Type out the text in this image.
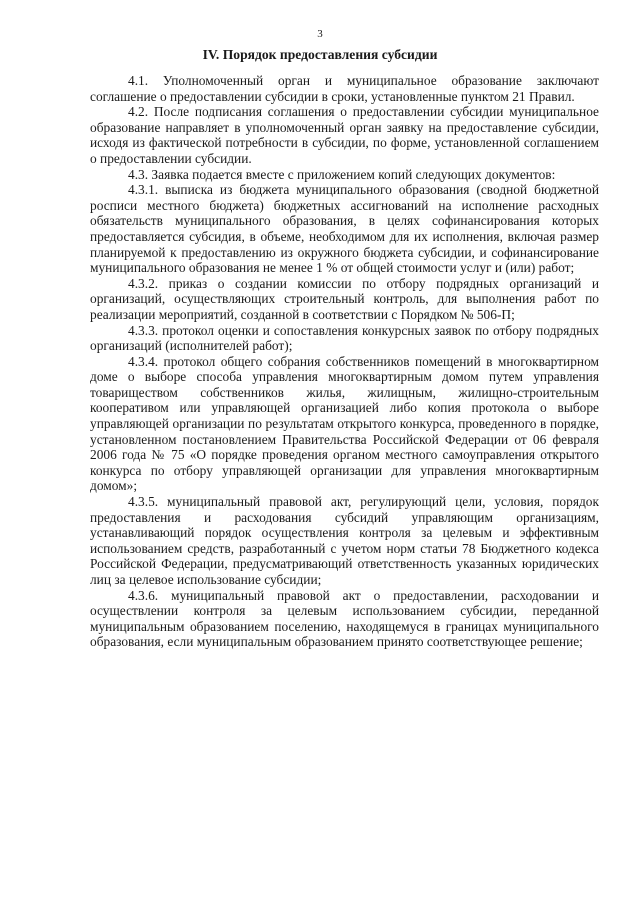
3
IV. Порядок предоставления субсидии

4.1. Уполномоченный орган и муниципальное образование заключают соглашение о предоставлении субсидии в сроки, установленные пунктом 21 Правил.

4.2. После подписания соглашения о предоставлении субсидии муниципальное образование направляет в уполномоченный орган заявку на предоставление субсидии, исходя из фактической потребности в субсидии, по форме, установленной соглашением о предоставлении субсидии.

4.3. Заявка подается вместе с приложением копий следующих документов:

4.3.1. выписка из бюджета муниципального образования (сводной бюджетной росписи местного бюджета) бюджетных ассигнований на исполнение расходных обязательств муниципального образования, в целях софинансирования которых предоставляется субсидия, в объеме, необходимом для их исполнения, включая размер планируемой к предоставлению из окружного бюджета субсидии, и софинансирование муниципального образования не менее 1 % от общей стоимости услуг и (или) работ;

4.3.2. приказ о создании комиссии по отбору подрядных организаций и организаций, осуществляющих строительный контроль, для выполнения работ по реализации мероприятий, созданной в соответствии с Порядком № 506-П;

4.3.3. протокол оценки и сопоставления конкурсных заявок по отбору подрядных организаций (исполнителей работ);

4.3.4. протокол общего собрания собственников помещений в многоквартирном доме о выборе способа управления многоквартирным домом путем управления товариществом собственников жилья, жилищным, жилищно-строительным кооперативом или управляющей организацией либо копия протокола о выборе управляющей организации по результатам открытого конкурса, проведенного в порядке, установленном постановлением Правительства Российской Федерации от 06 февраля 2006 года № 75 «О порядке проведения органом местного самоуправления открытого конкурса по отбору управляющей организации для управления многоквартирным домом»;

4.3.5. муниципальный правовой акт, регулирующий цели, условия, порядок предоставления и расходования субсидий управляющим организациям, устанавливающий порядок осуществления контроля за целевым и эффективным использованием средств, разработанный с учетом норм статьи 78 Бюджетного кодекса Российской Федерации, предусматривающий ответственность указанных юридических лиц за целевое использование субсидии;

4.3.6. муниципальный правовой акт о предоставлении, расходовании и осуществлении контроля за целевым использованием субсидии, переданной муниципальным образованием поселению, находящемуся в границах муниципального образования, если муниципальным образованием принято соответствующее решение;
